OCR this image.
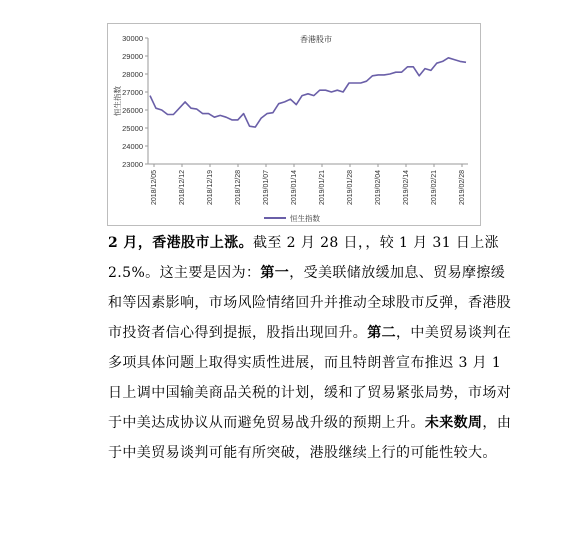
23000
24000
25000
26000
27000
28000
29000
30000
恒生指数
香港股市
2018/12/05	2018/12/12	2018/12/19	2018/12/28	2019/01/07	2019/01/14	2019/01/21	2019/01/28	2019/02/04	2019/02/14	2019/02/21	2019/02/28
恒生指数

2 月，香港股市上涨。截至 2 月 28 日，，较 1 月 31 日上涨 2.5%。这主要是因为：第一，受美联储放缓加息、贸易摩擦缓和等因素影响，市场风险情绪回升并推动全球股市反弹，香港股市投资者信心得到提振，股指出现回升。第二，中美贸易谈判在多项具体问题上取得实质性进展，而且特朗普宣布推迟 3 月 1 日上调中国输美商品关税的计划，缓和了贸易紧张局势，市场对于中美达成协议从而避免贸易战升级的预期上升。未来数周，由于中美贸易谈判可能有所突破，港股继续上行的可能性较大。
